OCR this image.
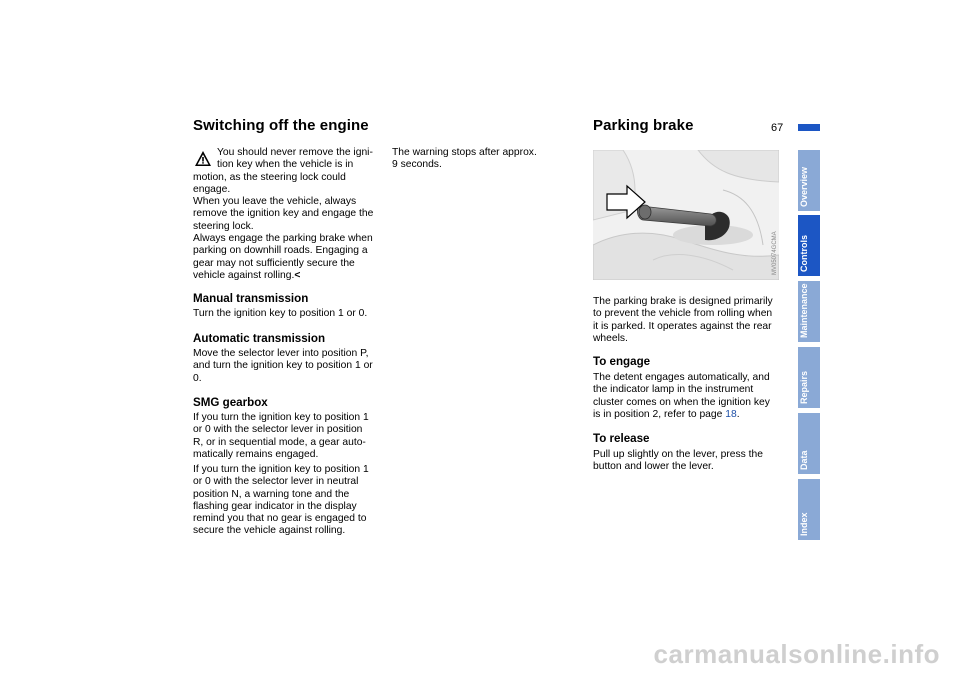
67
Switching off the engine

You should never remove the igni-

tion key when the vehicle is in

motion, as the steering lock could

engage.

When you leave the vehicle, always

remove the ignition key and engage the

steering lock.

Always engage the parking brake when

parking on downhill roads. Engaging a

gear may not sufficiently secure the

vehicle against rolling.<

Manual transmission

Turn the ignition key to position 1 or 0.

Automatic transmission

Move the selector lever into position P,

and turn the ignition key to position 1 or

0.

SMG gearbox

If you turn the ignition key to position 1

or 0 with the selector lever in position

R, or in sequential mode, a gear auto-

matically remains engaged.

If you turn the ignition key to position 1

or 0 with the selector lever in neutral

position N, a warning tone and the

flashing gear indicator in the display

remind you that no gear is engaged to

secure the vehicle against rolling.

The warning stops after approx.

9 seconds.

Parking brake
MV05074GCMA

The parking brake is designed primarily

to prevent the vehicle from rolling when

it is parked. It operates against the rear

wheels.

To engage

The detent engages automatically, and

the indicator lamp in the instrument

cluster comes on when the ignition key

is in position 2, refer to page 18.

To release

Pull up slightly on the lever, press the

button and lower the lever.

Overview
Controls
Maintenance
Repairs
Data
Index
carmanualsonline.info
